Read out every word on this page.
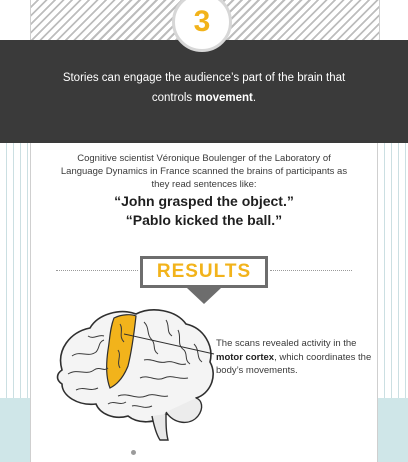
3
Stories can engage the audience’s part of the brain that controls movement.
Cognitive scientist Véronique Boulenger of the Laboratory of Language Dynamics in France scanned the brains of participants as they read sentences like:
“John grasped the object.”
“Pablo kicked the ball.”
RESULTS
The scans revealed activity in the motor cortex, which coordinates the body’s movements.
